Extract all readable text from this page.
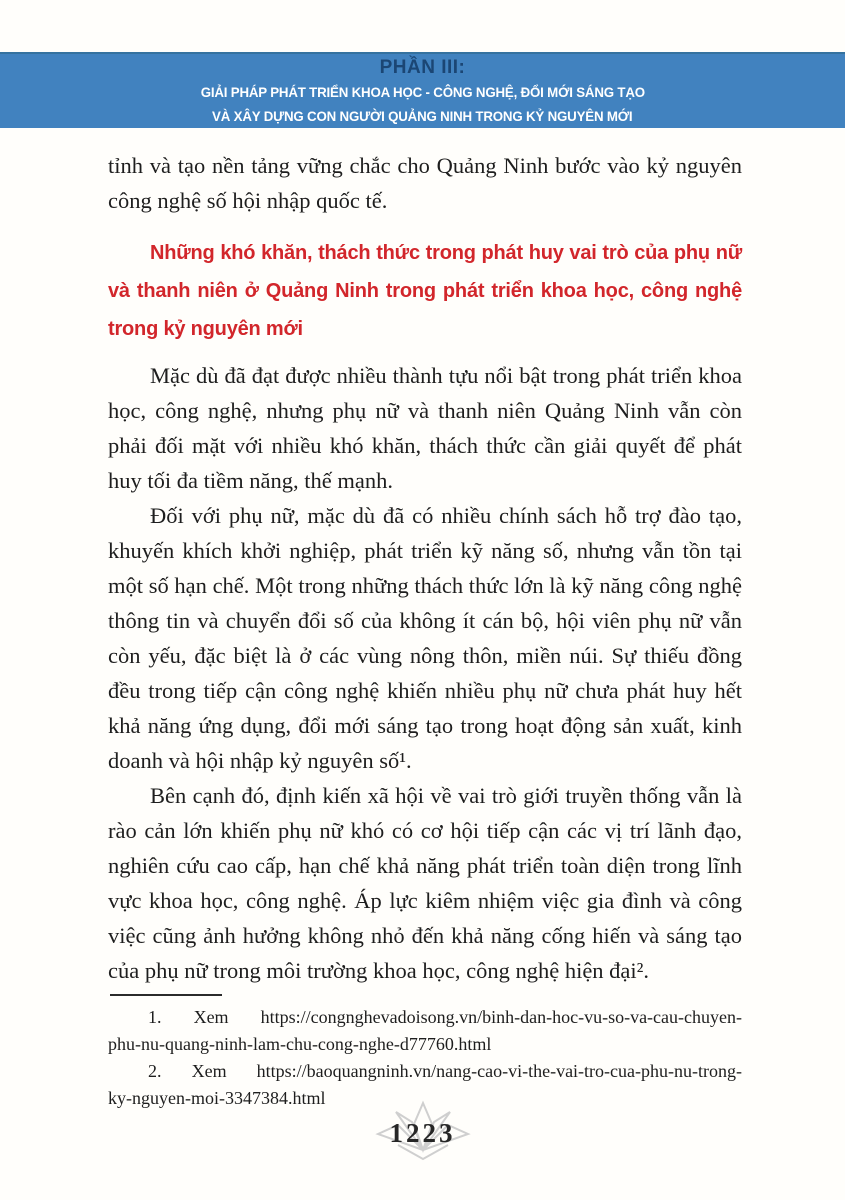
PHẦN III:
GIẢI PHÁP PHÁT TRIỂN KHOA HỌC - CÔNG NGHỆ, ĐỔI MỚI SÁNG TẠO
VÀ XÂY DỰNG CON NGƯỜI QUẢNG NINH TRONG KỶ NGUYÊN MỚI

tỉnh và tạo nền tảng vững chắc cho Quảng Ninh bước vào kỷ nguyên công nghệ số hội nhập quốc tế.

Những khó khăn, thách thức trong phát huy vai trò của phụ nữ
và thanh niên ở Quảng Ninh trong phát triển khoa học, công nghệ
trong kỷ nguyên mới

Mặc dù đã đạt được nhiều thành tựu nổi bật trong phát triển khoa học, công nghệ, nhưng phụ nữ và thanh niên Quảng Ninh vẫn còn phải đối mặt với nhiều khó khăn, thách thức cần giải quyết để phát huy tối đa tiềm năng, thế mạnh.

Đối với phụ nữ, mặc dù đã có nhiều chính sách hỗ trợ đào tạo, khuyến khích khởi nghiệp, phát triển kỹ năng số, nhưng vẫn tồn tại một số hạn chế. Một trong những thách thức lớn là kỹ năng công nghệ thông tin và chuyển đổi số của không ít cán bộ, hội viên phụ nữ vẫn còn yếu, đặc biệt là ở các vùng nông thôn, miền núi. Sự thiếu đồng đều trong tiếp cận công nghệ khiến nhiều phụ nữ chưa phát huy hết khả năng ứng dụng, đổi mới sáng tạo trong hoạt động sản xuất, kinh doanh và hội nhập kỷ nguyên số¹.

Bên cạnh đó, định kiến xã hội về vai trò giới truyền thống vẫn là rào cản lớn khiến phụ nữ khó có cơ hội tiếp cận các vị trí lãnh đạo, nghiên cứu cao cấp, hạn chế khả năng phát triển toàn diện trong lĩnh vực khoa học, công nghệ. Áp lực kiêm nhiệm việc gia đình và công việc cũng ảnh hưởng không nhỏ đến khả năng cống hiến và sáng tạo của phụ nữ trong môi trường khoa học, công nghệ hiện đại².

1. Xem https://congnghevadoisong.vn/binh-dan-hoc-vu-so-va-cau-chuyen-
phu-nu-quang-ninh-lam-chu-cong-nghe-d77760.html
2. Xem https://baoquangninh.vn/nang-cao-vi-the-vai-tro-cua-phu-nu-trong-
ky-nguyen-moi-3347384.html
1223
